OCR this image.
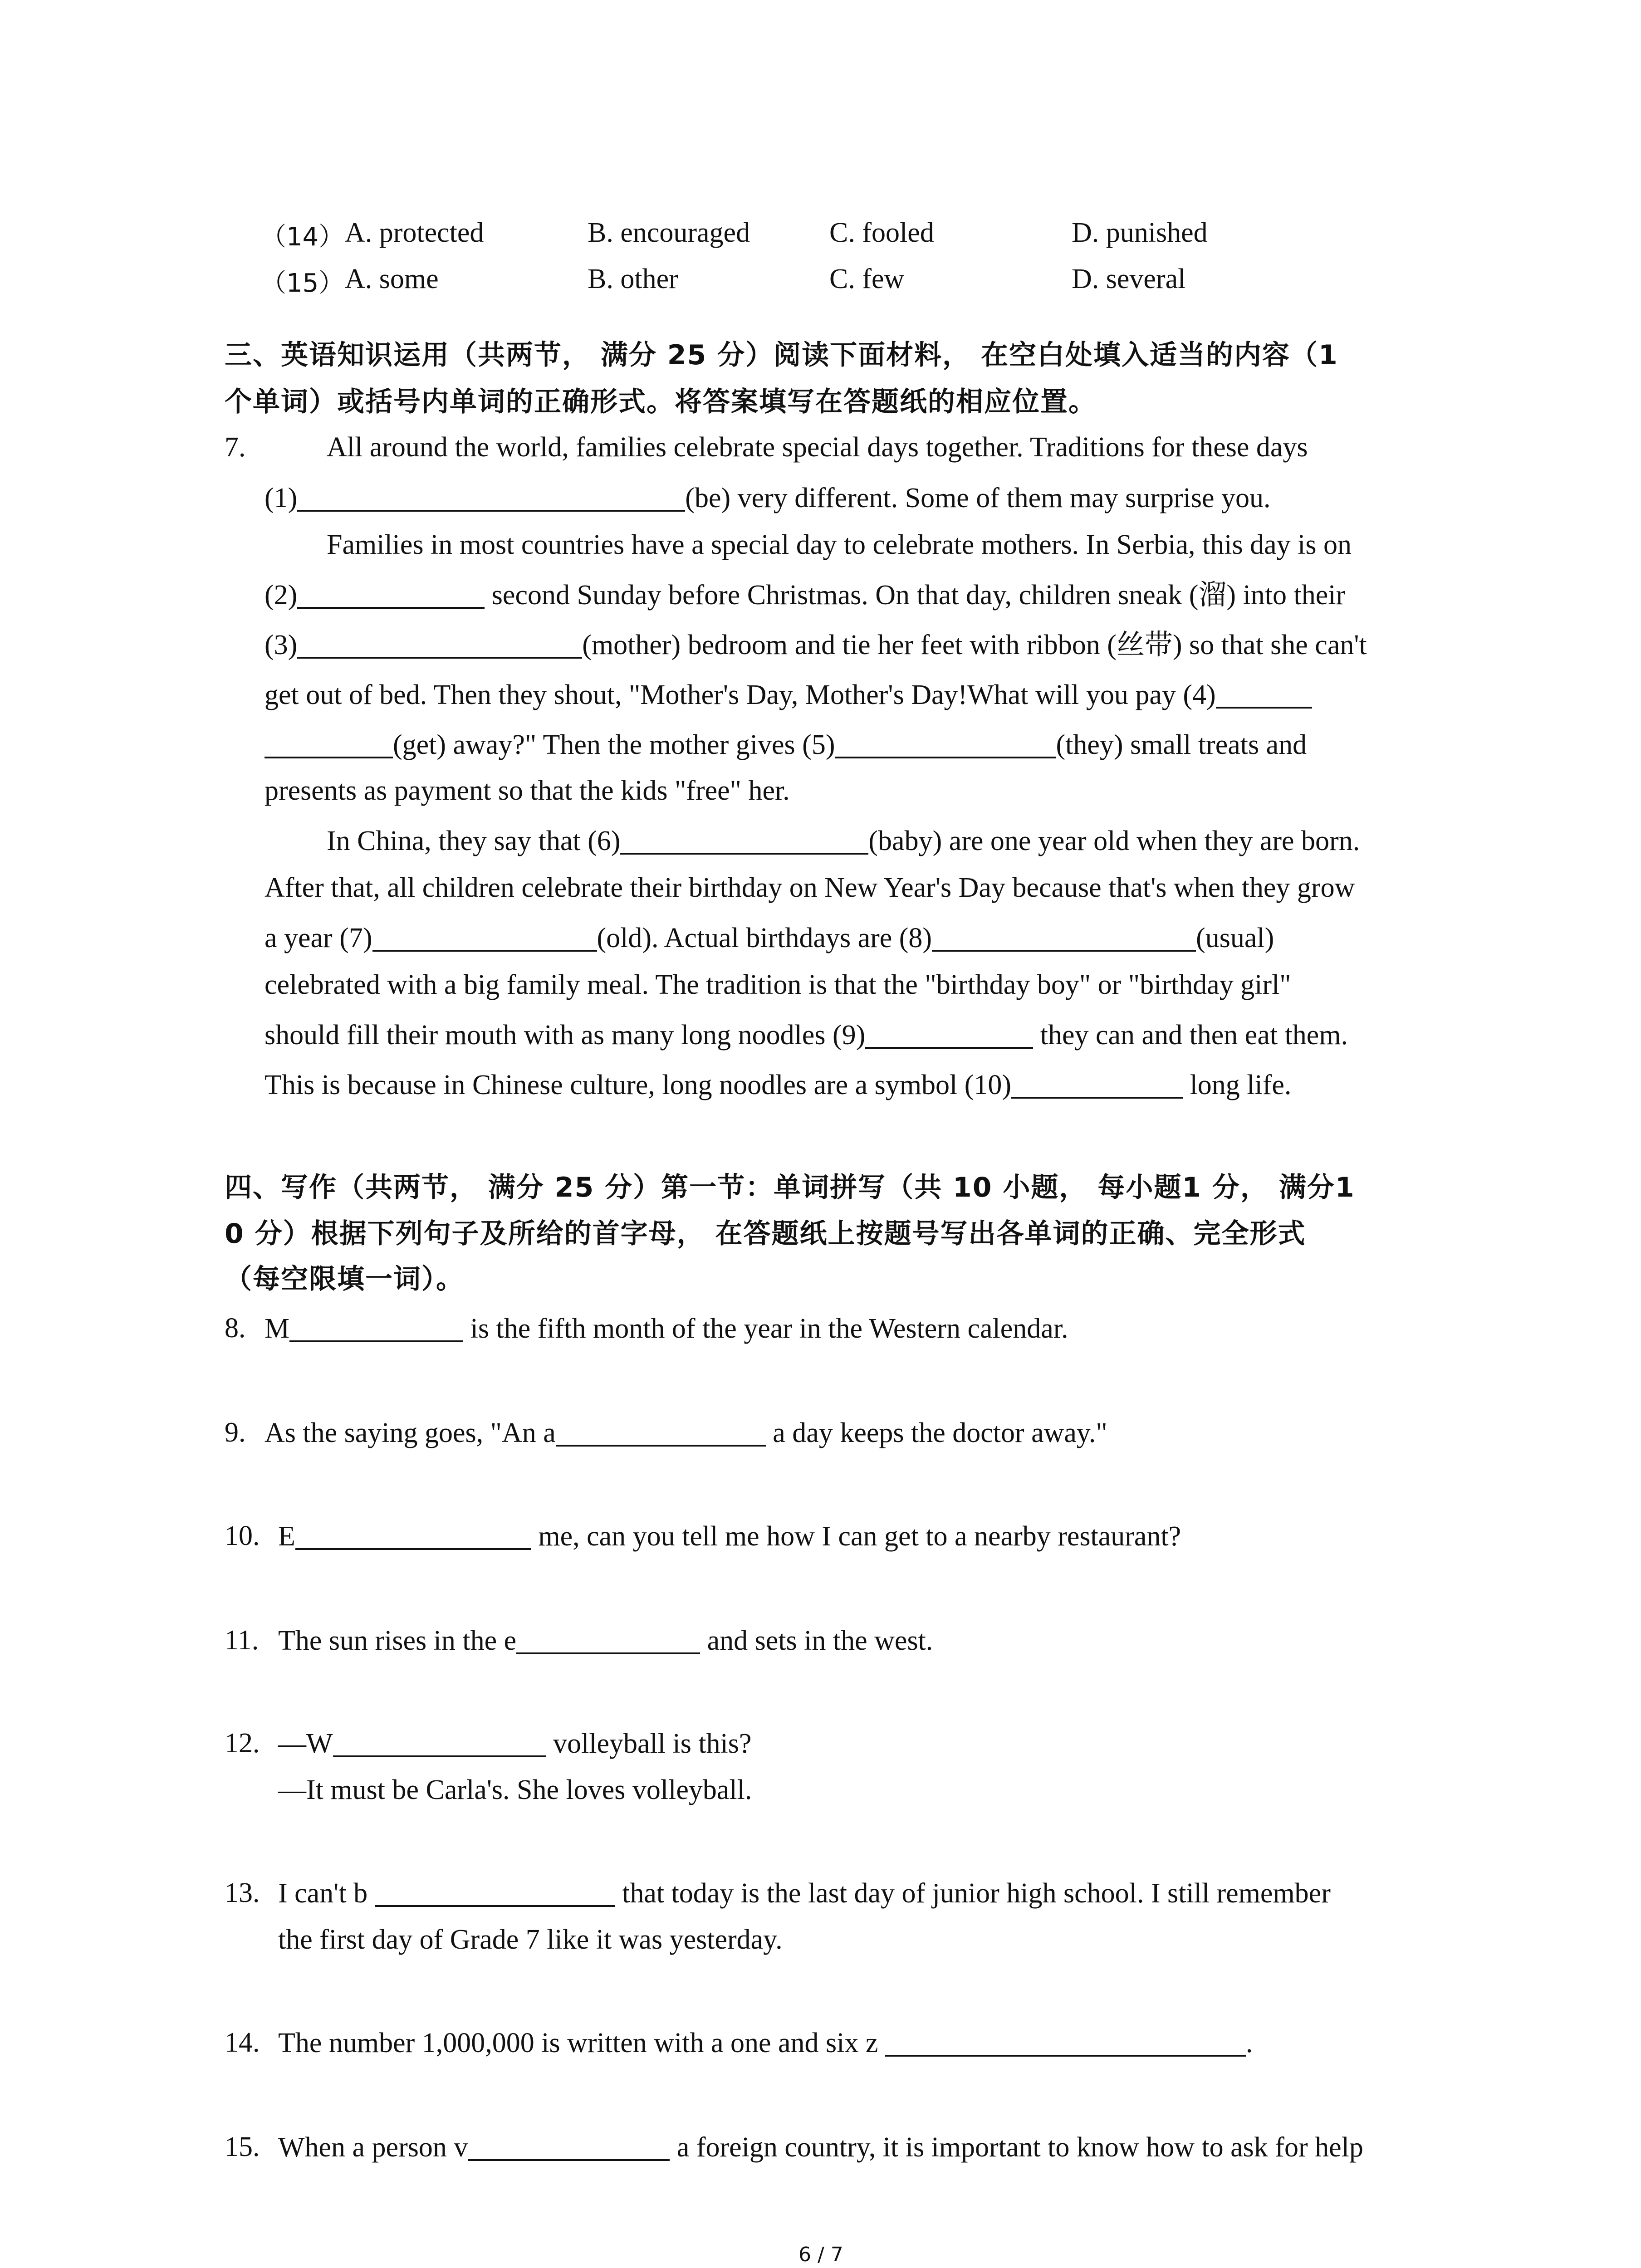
（14） A. protected	B. encouraged	C. fooled	D. punished
（15） A. some	B. other	C. few	D. several
三、英语知识运用（共两节， 满分 25 分）阅读下面材料， 在空白处填入适当的内容（1
个单词）或括号内单词的正确形式。将答案填写在答题纸的相应位置。
7.	All around the world, families celebrate special days together. Traditions for these days
(1)	(be) very different. Some of them may surprise you.
Families in most countries have a special day to celebrate mothers. In Serbia, this day is on
(2)	second Sunday before Christmas. On that day, children sneak (溜) into their
(3)	(mother) bedroom and tie her feet with ribbon (丝带) so that she can't
get out of bed. Then they shout, "Mother's Day, Mother's Day!What will you pay (4)
(get) away?" Then the mother gives (5)	(they) small treats and
presents as payment so that the kids "free" her.
In China, they say that (6)	(baby) are one year old when they are born.
After that, all children celebrate their birthday on New Year's Day because that's when they grow
a year (7)	(old). Actual birthdays are (8)	(usual)
celebrated with a big family meal. The tradition is that the "birthday boy" or "birthday girl"
should fill their mouth with as many long noodles (9)	they can and then eat them.
This is because in Chinese culture, long noodles are a symbol (10)	long life.
四、写作（共两节， 满分 25 分）第一节：单词拼写（共 10 小题， 每小题1 分， 满分1
0 分）根据下列句子及所给的首字母， 在答题纸上按题号写出各单词的正确、完全形式
（每空限填一词）。
8. M	is the fifth month of the year in the Western calendar.
9. As the saying goes, "An a	a day keeps the doctor away."
10. E	me, can you tell me how I can get to a nearby restaurant?
11. The sun rises in the e	and sets in the west.
12. —W	volleyball is this?
—It must be Carla's. She loves volleyball.
13. I can't b	that today is the last day of junior high school. I still remember
the first day of Grade 7 like it was yesterday.
14. The number 1,000,000 is written with a one and six z	.
15. When a person v	a foreign country, it is important to know how to ask for help
6 / 7
